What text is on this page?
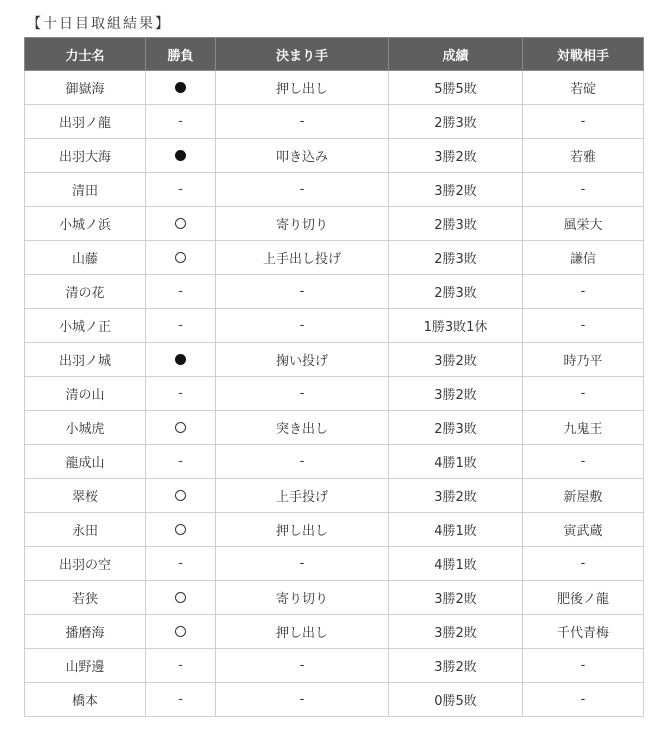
【十日目取組結果】
力士名	勝負	決まり手	成績	対戦相手
御嶽海		押し出し	5勝5敗	若碇
出羽ノ龍	-	-	2勝3敗	-
出羽大海		叩き込み	3勝2敗	若雅
清田	-	-	3勝2敗	-
小城ノ浜		寄り切り	2勝3敗	風栄大
山藤		上手出し投げ	2勝3敗	謙信
清の花	-	-	2勝3敗	-
小城ノ正	-	-	1勝3敗1休	-
出羽ノ城		掬い投げ	3勝2敗	時乃平
清の山	-	-	3勝2敗	-
小城虎		突き出し	2勝3敗	九鬼王
龍成山	-	-	4勝1敗	-
翠桜		上手投げ	3勝2敗	新屋敷
永田		押し出し	4勝1敗	寅武蔵
出羽の空	-	-	4勝1敗	-
若狭		寄り切り	3勝2敗	肥後ノ龍
播磨海		押し出し	3勝2敗	千代青梅
山野邊	-	-	3勝2敗	-
橋本	-	-	0勝5敗	-
